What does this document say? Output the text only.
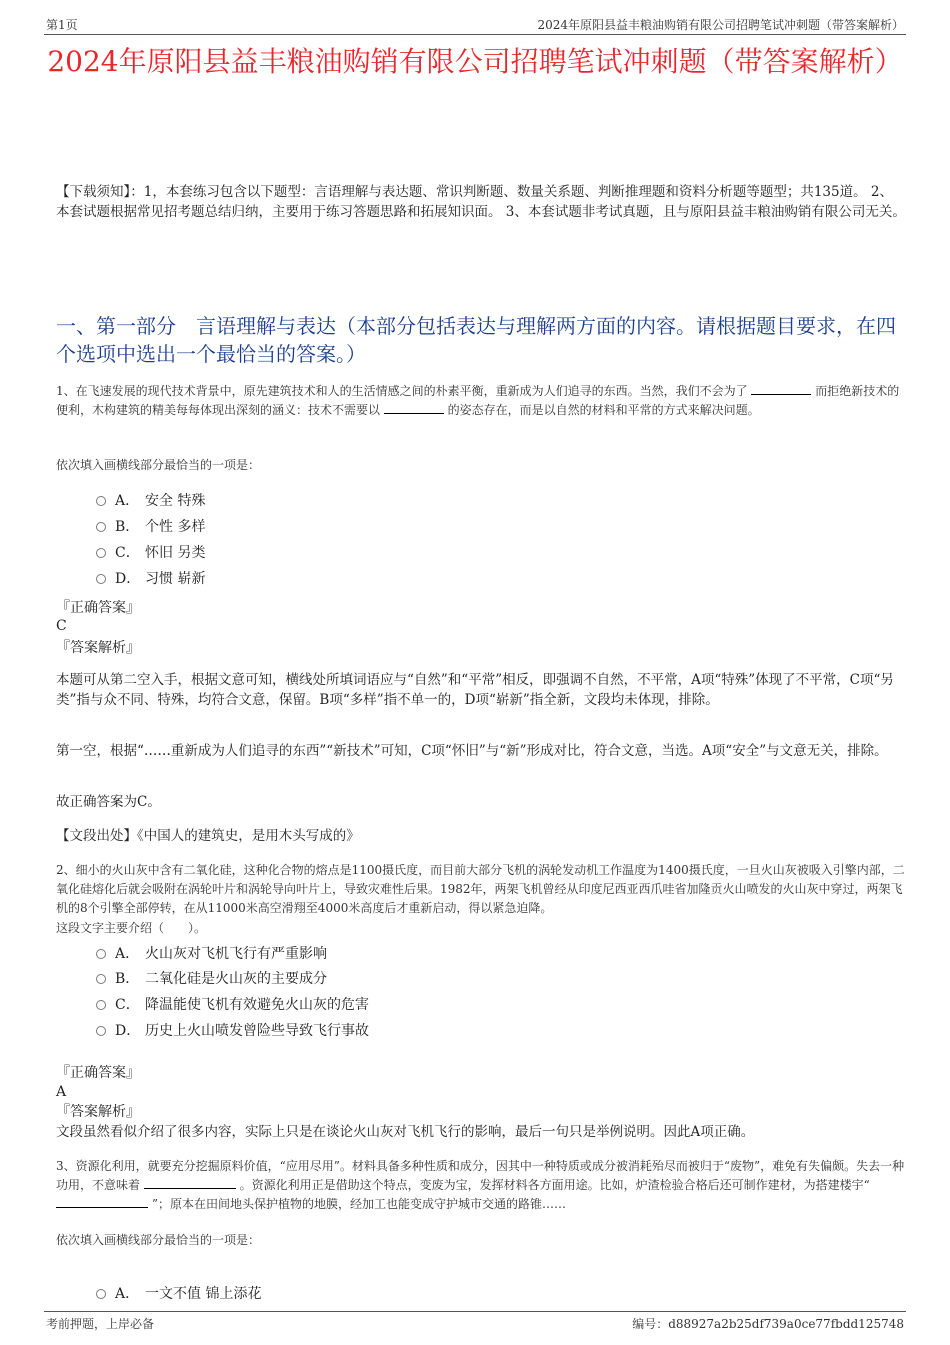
第1页	2024年原阳县益丰粮油购销有限公司招聘笔试冲刺题（带答案解析）
2024年原阳县益丰粮油购销有限公司招聘笔试冲刺题（带答案解析）
【下载须知】：1，本套练习包含以下题型：言语理解与表达题、常识判断题、数量关系题、判断推理题和资料分析题等题型；共135道。 2、本套试题根据常见招考题总结归纳，主要用于练习答题思路和拓展知识面。 3、本套试题非考试真题，且与原阳县益丰粮油购销有限公司无关。
一、第一部分　言语理解与表达（本部分包括表达与理解两方面的内容。请根据题目要求，在四个选项中选出一个最恰当的答案。）
1、在飞速发展的现代技术背景中，原先建筑技术和人的生活情感之间的朴素平衡，重新成为人们追寻的东西。当然，我们不会为了	而拒绝新技术的便利，木构建筑的精美每每体现出深刻的涵义：技术不需要以	的姿态存在，而是以自然的材料和平常的方式来解决问题。
依次填入画横线部分最恰当的一项是：
A． 安全 特殊
B． 个性 多样
C． 怀旧 另类
D． 习惯 崭新
『正确答案』
C
『答案解析』
本题可从第二空入手，根据文意可知，横线处所填词语应与“自然”和“平常”相反，即强调不自然，不平常，A项“特殊”体现了不平常，C项“另类”指与众不同、特殊，均符合文意，保留。B项“多样”指不单一的，D项“崭新”指全新，文段均未体现，排除。
第一空，根据“……重新成为人们追寻的东西”“新技术”可知，C项“怀旧”与“新”形成对比，符合文意，当选。A项“安全”与文意无关，排除。
故正确答案为C。
【文段出处】《中国人的建筑史，是用木头写成的》
2、细小的火山灰中含有二氧化硅，这种化合物的熔点是1100摄氏度，而目前大部分飞机的涡轮发动机工作温度为1400摄氏度，一旦火山灰被吸入引擎内部，二氧化硅熔化后就会吸附在涡轮叶片和涡轮导向叶片上，导致灾难性后果。1982年，两架飞机曾经从印度尼西亚西爪哇省加隆贡火山喷发的火山灰中穿过，两架飞机的8个引擎全部停转，在从11000米高空滑翔至4000米高度后才重新启动，得以紧急迫降。
这段文字主要介绍（　　）。
A． 火山灰对飞机飞行有严重影响
B． 二氧化硅是火山灰的主要成分
C． 降温能使飞机有效避免火山灰的危害
D． 历史上火山喷发曾险些导致飞行事故
『正确答案』
A
『答案解析』
文段虽然看似介绍了很多内容，实际上只是在谈论火山灰对飞机飞行的影响，最后一句只是举例说明。因此A项正确。
3、资源化利用，就要充分挖掘原料价值，“应用尽用”。材料具备多种性质和成分，因其中一种特质或成分被消耗殆尽而被归于“废物”，难免有失偏颇。失去一种功用，不意味着	。资源化利用正是借助这个特点，变废为宝，发挥材料各方面用途。比如，炉渣检验合格后还可制作建材，为搭建楼宇“  ”；原本在田间地头保护植物的地膜，经加工也能变成守护城市交通的路锥……
依次填入画横线部分最恰当的一项是：
A． 一文不值 锦上添花
考前押题，上岸必备	编号：d88927a2b25df739a0ce77fbdd125748
